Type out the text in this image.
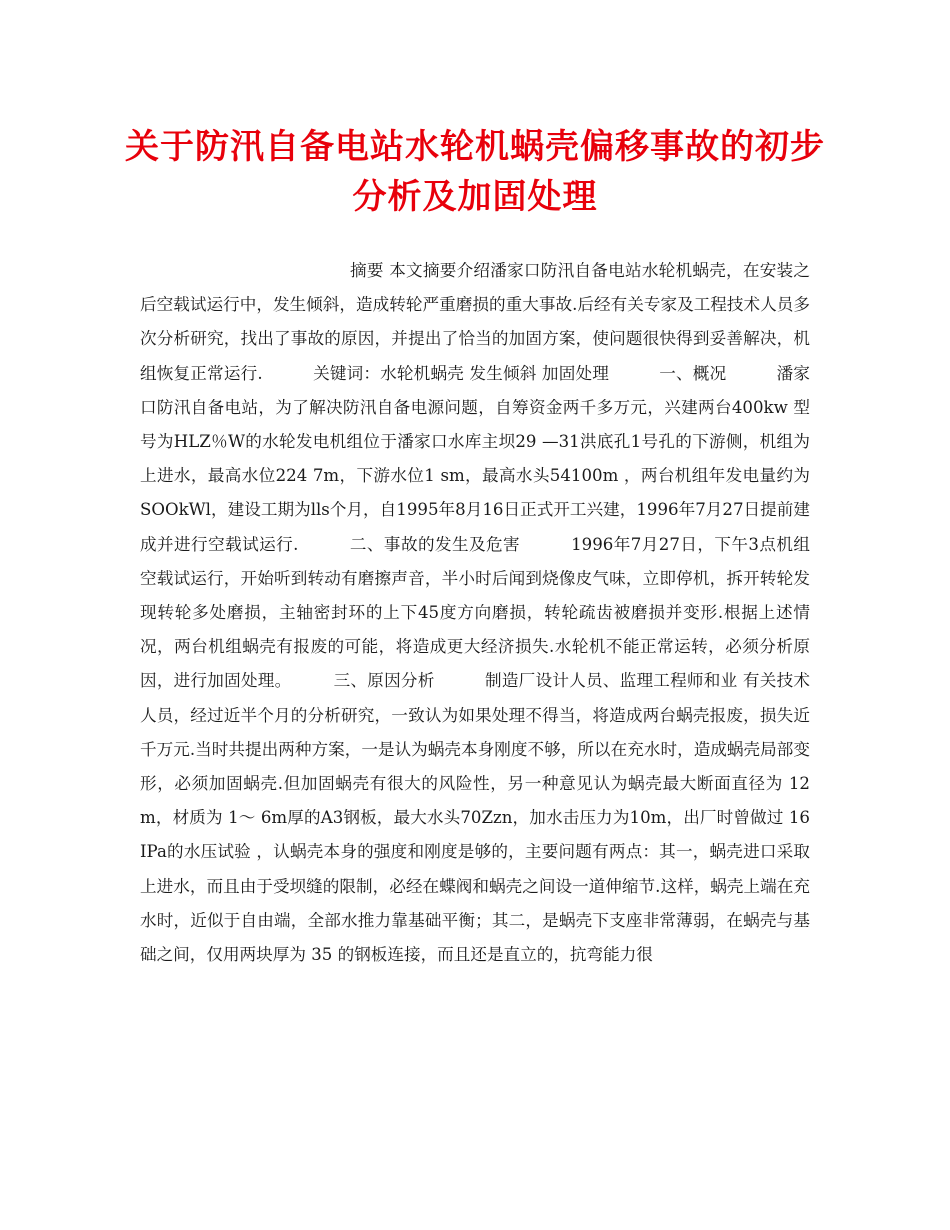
关于防汛自备电站水轮机蜗壳偏移事故的初步分析及加固处理

摘要 本文摘要介绍潘家口防汛自备电站水轮机蜗壳，在安装之后空载试运行中，发生倾斜，造成转轮严重磨损的重大事故.后经有关专家及工程技术人员多次分析研究，找出了事故的原因，并提出了恰当的加固方案，使问题很快得到妥善解决，机组恢复正常运行.　　　关键词：水轮机蜗壳 发生倾斜 加固处理　　　一、概况　　　潘家口防汛自备电站，为了解决防汛自备电源问题，自筹资金两千多万元，兴建两台400kw 型号为HLZ％W的水轮发电机组位于潘家口水库主坝29 —31洪底孔1号孔的下游侧，机组为上进水，最高水位224 7m，下游水位1 sm，最高水头54100m ，两台机组年发电量约为 SOOkWl，建设工期为lls个月，自1995年8月16日正式开工兴建，1996年7月27日提前建成并进行空载试运行.　　　二、事故的发生及危害　　　1996年7月27日，下午3点机组空载试运行，开始听到转动有磨擦声音，半小时后闻到烧像皮气味，立即停机，拆开转轮发现转轮多处磨损，主轴密封环的上下45度方向磨损，转轮疏齿被磨损并变形.根据上述情况，两台机组蜗壳有报废的可能，将造成更大经济损失.水轮机不能正常运转，必须分析原因，进行加固处理。　　　三、原因分析　　　制造厂设计人员、监理工程师和业 有关技术人员，经过近半个月的分析研究，一致认为如果处理不得当，将造成两台蜗壳报废，损失近千万元.当时共提出两种方案，一是认为蜗壳本身刚度不够，所以在充水时，造成蜗壳局部变形，必须加固蜗壳.但加固蜗壳有很大的风险性，另一种意见认为蜗壳最大断面直径为 12m，材质为 1～ 6m厚的A3钢板，最大水头70Zzn，加水击压力为10m，出厂时曾做过 16IPa的水压试验 ，认蜗壳本身的强度和刚度是够的，主要问题有两点：其一，蜗壳进口采取上进水，而且由于受坝缝的限制，必经在蝶阀和蜗壳之间设一道伸缩节.这样，蜗壳上端在充水时，近似于自由端，全部水推力靠基础平衡；其二，是蜗壳下支座非常薄弱，在蜗壳与基础之间，仅用两块厚为 35 的钢板连接，而且还是直立的，抗弯能力很
